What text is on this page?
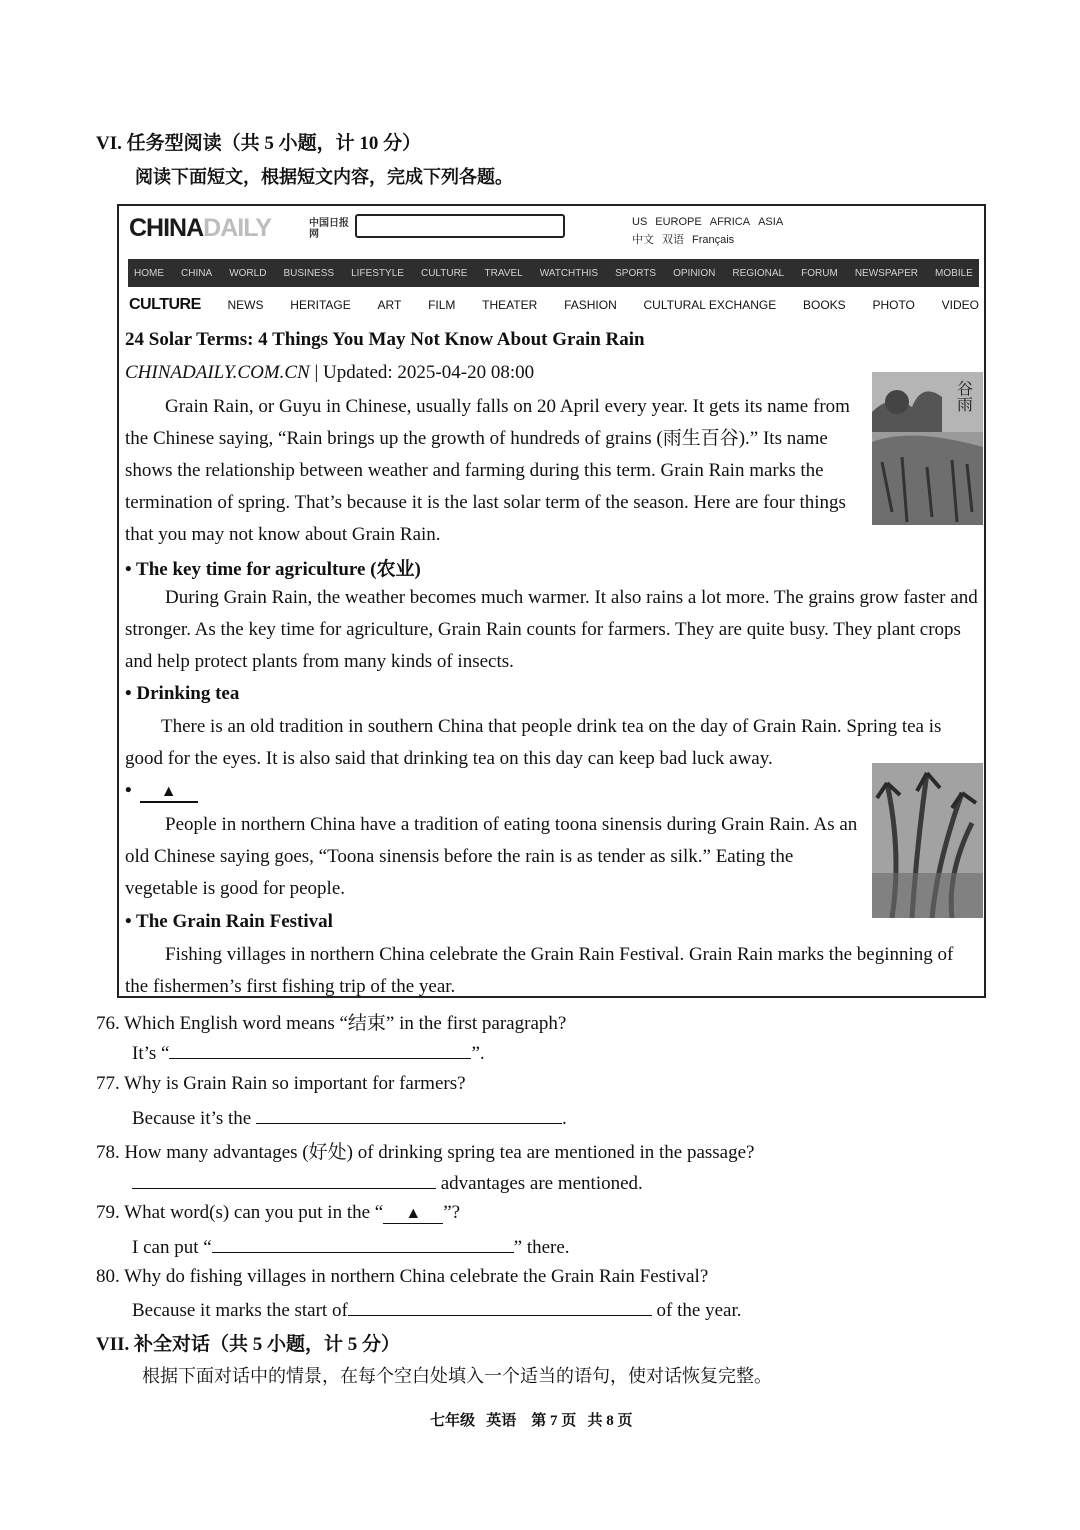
VI. 任务型阅读（共 5 小题，计 10 分）
阅读下面短文，根据短文内容，完成下列各题。
CHINADAILY	中国日报
网
US EUROPE AFRICA ASIA
中文 双语 Français
HOME CHINA WORLD BUSINESS LIFESTYLE CULTURE TRAVEL WATCHTHIS SPORTS OPINION REGIONAL FORUM NEWSPAPER MOBILE
CULTURE NEWS HERITAGE ART FILM THEATER FASHION CULTURAL EXCHANGE BOOKS PHOTO VIDEO
24 Solar Terms: 4 Things You May Not Know About Grain Rain
CHINADAILY.COM.CN | Updated: 2025-04-20 08:00
谷雨

Grain Rain, or Guyu in Chinese, usually falls on 20 April every year. It gets its name from the Chinese saying, “Rain brings up the growth of hundreds of grains (雨生百谷).” Its name shows the relationship between weather and farming during this term. Grain Rain marks the termination of spring. That’s because it is the last solar term of the season. Here are four things that you may not know about Grain Rain.

• The key time for agriculture (农业)

During Grain Rain, the weather becomes much warmer. It also rains a lot more. The grains grow faster and stronger. As the key time for agriculture, Grain Rain counts for farmers. They are quite busy. They plant crops and help protect plants from many kinds of insects.

• Drinking tea

There is an old tradition in southern China that people drink tea on the day of Grain Rain. Spring tea is good for the eyes. It is also said that drinking tea on this day can keep bad luck away.

• ▲

People in northern China have a tradition of eating toona sinensis during Grain Rain. As an old Chinese saying goes, “Toona sinensis before the rain is as tender as silk.” Eating the vegetable is good for people.

• The Grain Rain Festival

Fishing villages in northern China celebrate the Grain Rain Festival. Grain Rain marks the beginning of the fishermen’s first fishing trip of the year.

76. Which English word means “结束” in the first paragraph?
It’s “	”.
77. Why is Grain Rain so important for farmers?
Because it’s the	.
78. How many advantages (好处) of drinking spring tea are mentioned in the passage?
advantages are mentioned.
79. What word(s) can you put in the “ ▲ ”?
I can put “	” there.
80. Why do fishing villages in northern China celebrate the Grain Rain Festival?
Because it marks the start of	of the year.
VII. 补全对话（共 5 小题，计 5 分）
根据下面对话中的情景，在每个空白处填入一个适当的语句，使对话恢复完整。
七年级 英语 第 7 页 共 8 页
